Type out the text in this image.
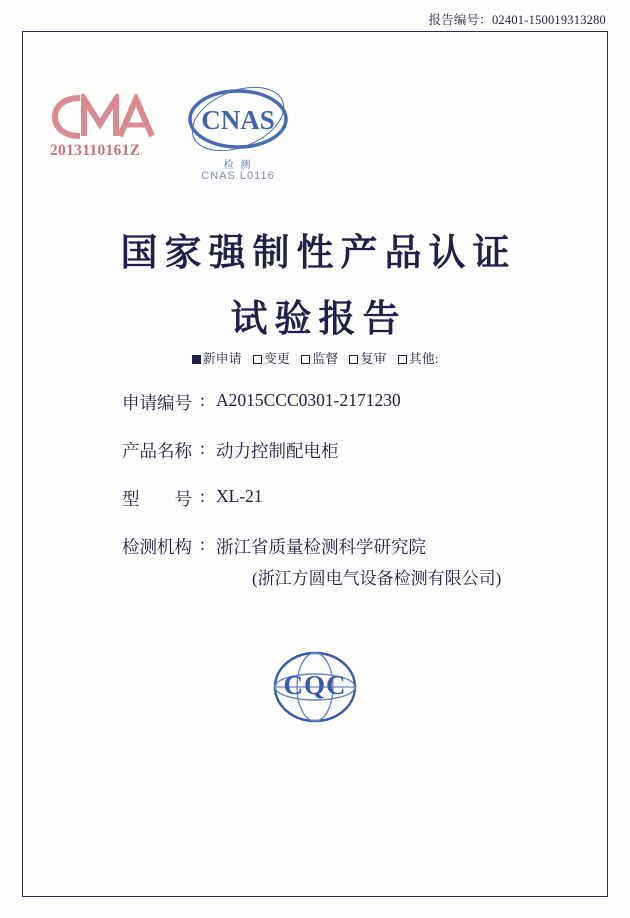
报告编号：02401-150019313280
2013110161Z
CNAS
检 测
CNAS L0116
国家强制性产品认证
试验报告
新申请 变更 监督 复审 其他:
申请编号 : A2015CCC0301-2171230
产品名称 : 动力控制配电柜
型　　号 : XL-21
检测机构 : 浙江省质量检测科学研究院
(浙江方圆电气设备检测有限公司)
CQC
